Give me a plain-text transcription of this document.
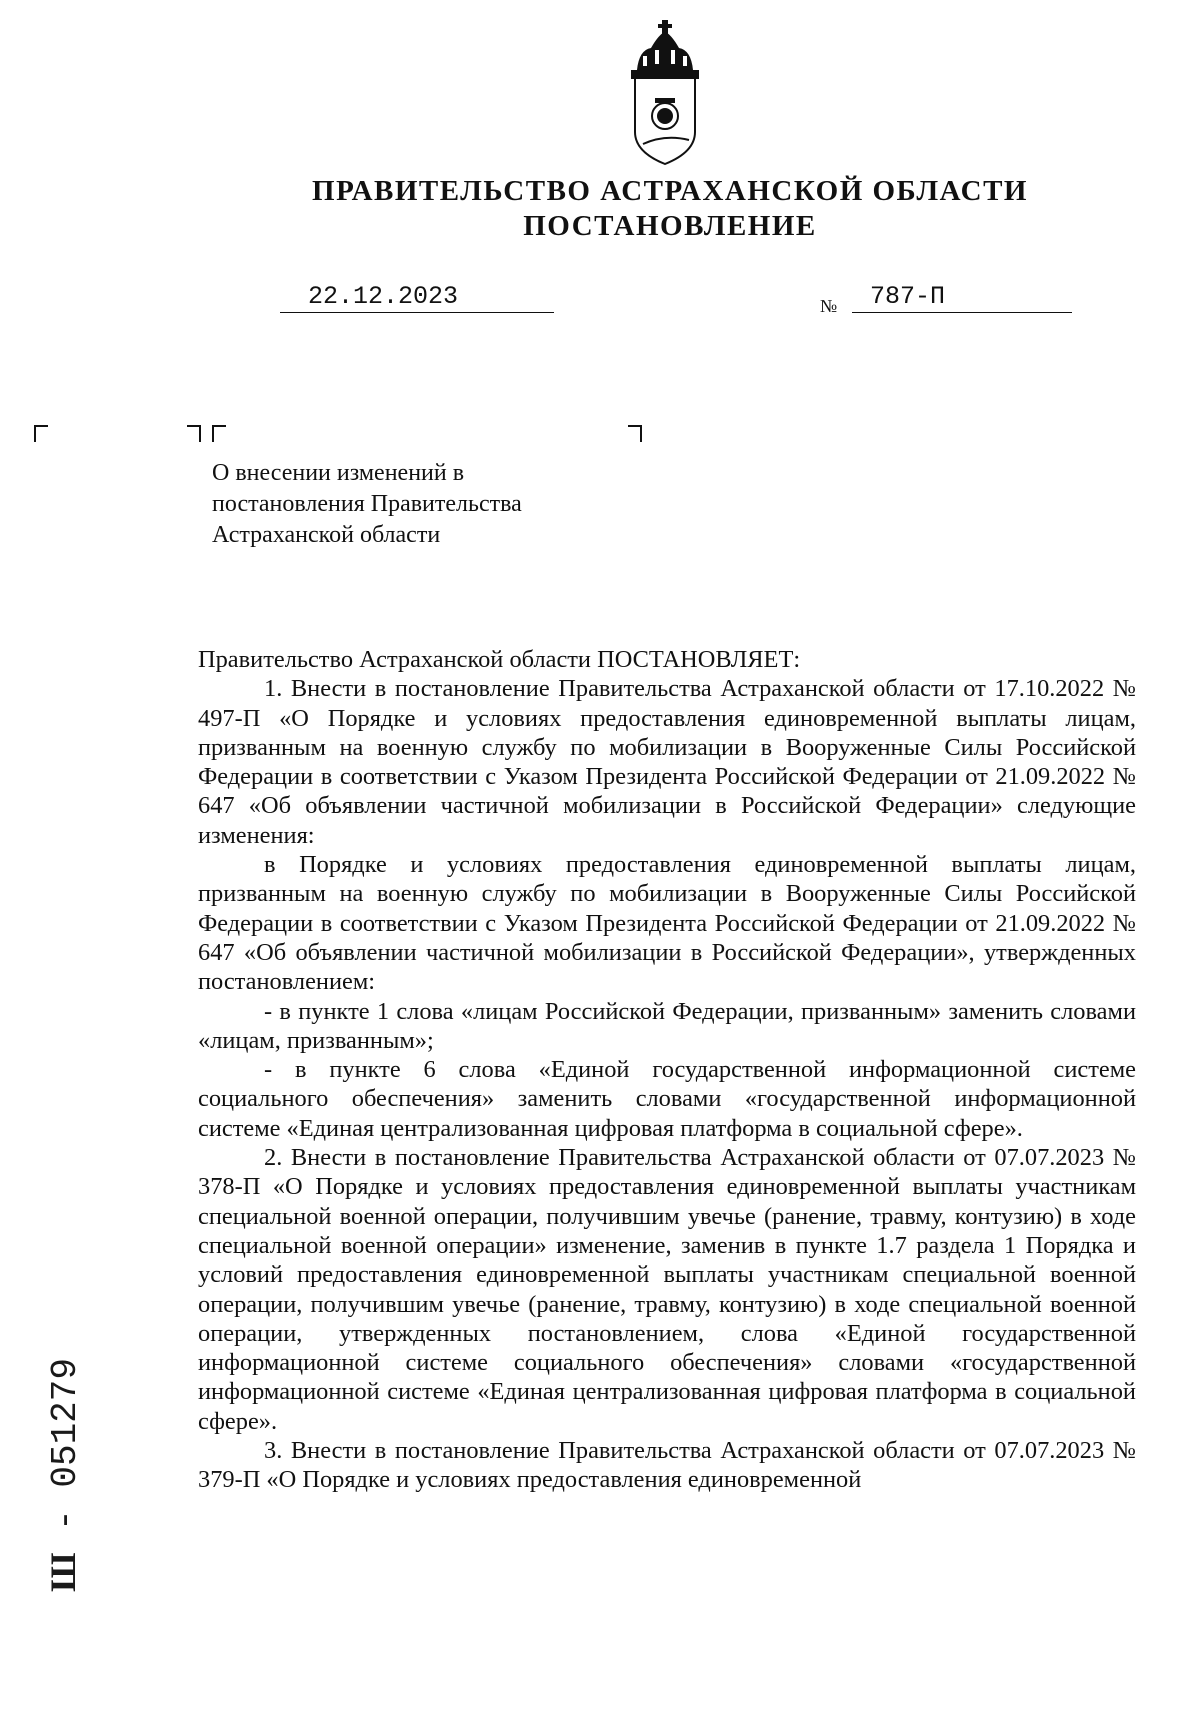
ПРАВИТЕЛЬСТВО АСТРАХАНСКОЙ ОБЛАСТИ
ПОСТАНОВЛЕНИЕ
22.12.2023	№	787-П
О внесении изменений в постановления Правительства Астраханской области

Правительство Астраханской области ПОСТАНОВЛЯЕТ:

1. Внести в постановление Правительства Астраханской области от 17.10.2022 № 497-П «О Порядке и условиях предоставления единовременной выплаты лицам, призванным на военную службу по мобилизации в Вооруженные Силы Российской Федерации в соответствии с Указом Президента Российской Федерации от 21.09.2022 № 647 «Об объявлении частичной мобилизации в Российской Федерации» следующие изменения:

в Порядке и условиях предоставления единовременной выплаты лицам, призванным на военную службу по мобилизации в Вооруженные Силы Российской Федерации в соответствии с Указом Президента Российской Федерации от 21.09.2022 № 647 «Об объявлении частичной мобилизации в Российской Федерации», утвержденных постановлением:

- в пункте 1 слова «лицам Российской Федерации, призванным» заменить словами «лицам, призванным»;

- в пункте 6 слова «Единой государственной информационной системе социального обеспечения» заменить словами «государственной информационной системе «Единая централизованная цифровая платформа в социальной сфере».

2. Внести в постановление Правительства Астраханской области от 07.07.2023 № 378-П «О Порядке и условиях предоставления единовременной выплаты участникам специальной военной операции, получившим увечье (ранение, травму, контузию) в ходе специальной военной операции» изменение, заменив в пункте 1.7 раздела 1 Порядка и условий предоставления единовременной выплаты участникам специальной военной операции, получившим увечье (ранение, травму, контузию) в ходе специальной военной операции, утвержденных постановлением, слова «Единой государственной информационной системе социального обеспечения» словами «государственной информационной системе «Единая централизованная цифровая платформа в социальной сфере».

3. Внести в постановление Правительства Астраханской области от 07.07.2023 № 379-П «О Порядке и условиях предоставления единовременной

Ш - 051279
